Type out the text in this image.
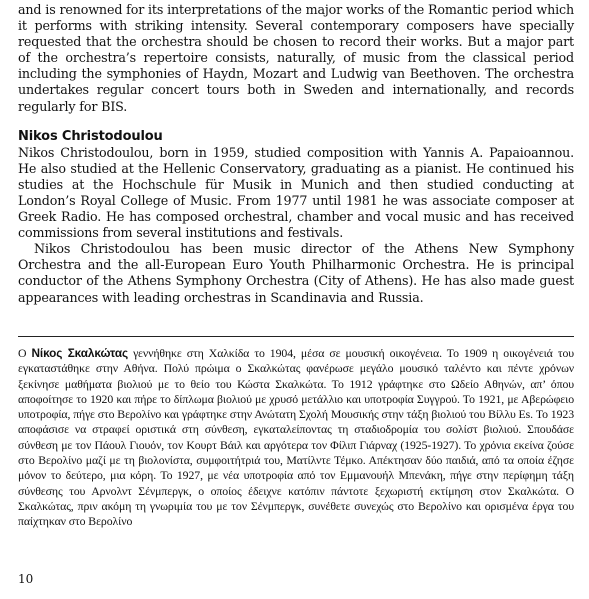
and is renowned for its interpretations of the major works of the Romantic period which it performs with striking intensity. Several contemporary composers have specially requested that the orchestra should be chosen to record their works. But a major part of the orchestra’s repertoire consists, naturally, of music from the classical period including the symphonies of Haydn, Mozart and Ludwig van Beethoven. The orchestra undertakes regular concert tours both in Sweden and internationally, and records regularly for BIS.

Nikos Christodoulou

Nikos Christodoulou, born in 1959, studied composition with Yannis A. Papaioannou. He also studied at the Hellenic Conservatory, graduating as a pianist. He continued his studies at the Hochschule für Musik in Munich and then studied conducting at London’s Royal College of Music. From 1977 until 1981 he was associate composer at Greek Radio. He has composed orchestral, chamber and vocal music and has received commissions from several institutions and festivals.

Nikos Christodoulou has been music director of the Athens New Symphony Orchestra and the all-European Euro Youth Philharmonic Orchestra. He is principal conductor of the Athens Symphony Orchestra (City of Athens). He has also made guest appearances with leading orchestras in Scandinavia and Russia.

Ο Νίκος Σκαλκώτας γεννήθηκε στη Χαλκίδα το 1904, μέσα σε μουσική οικογένεια. Το 1909 η οικογένειά του εγκαταστάθηκε στην Αθήνα. Πολύ πρώιμα ο Σκαλκώτας φανέρωσε μεγάλο μουσικό ταλέντο και πέντε χρόνων ξεκίνησε μαθήματα βιολιού με το θείο του Κώστα Σκαλκώτα. Το 1912 γράφτηκε στο Ωδείο Αθηνών, απ’ όπου αποφοίτησε το 1920 και πήρε το δίπλωμα βιολιού με χρυσό μετάλλιο και υποτροφία Συγγρού. Το 1921, με Αβερώφειο υποτροφία, πήγε στο Βερολίνο και γράφτηκε στην Ανώτατη Σχολή Μουσικής στην τάξη βιολιού του Βίλλυ Es. Το 1923 αποφάσισε να στραφεί οριστικά στη σύνθεση, εγκαταλείποντας τη σταδιοδρομία του σολίστ βιολιού. Σπουδάσε σύνθεση με τον Πάουλ Γιουόν, τον Κουρτ Βάιλ και αργότερα τον Φίλιπ Γιάρναχ (1925-1927). Το χρόνια εκείνα ζούσε στο Βερολίνο μαζί με τη βιολονίστα, συμφοιτήτριά του, Ματίλντε Τέμκο. Απέκτησαν δύο παιδιά, από τα οποία έζησε μόνον το δεύτερο, μια κόρη. Το 1927, με νέα υποτροφία από τον Εμμανουήλ Μπενάκη, πήγε στην περίφημη τάξη σύνθεσης του Αρνολντ Σένμπεργκ, ο οποίος έδειχνε κατόπιν πάντοτε ξεχωριστή εκτίμηση στον Σκαλκώτα. Ο Σκαλκώτας, πριν ακόμη τη γνωριμία του με τον Σένμπεργκ, συνέθετε συνεχώς στο Βερολίνο και ορισμένα έργα του παίχτηκαν στο Βερολίνο

10
